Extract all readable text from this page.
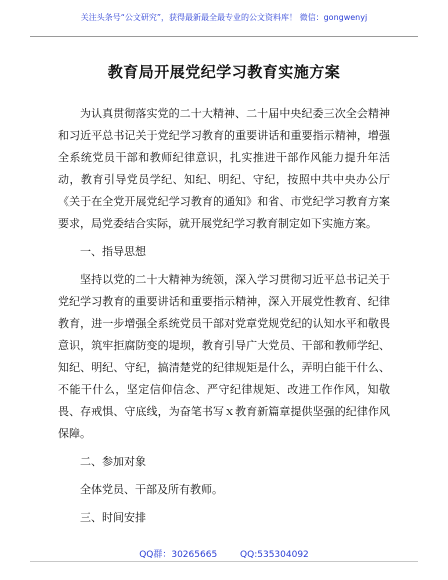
关注头条号“公文研究”，获得最新最全最专业的公文资料库！ 微信：gongwenyj
教育局开展党纪学习教育实施方案

为认真贯彻落实党的二十大精神、二十届中央纪委三次全会精神和习近平总书记关于党纪学习教育的重要讲话和重要指示精神，增强全系统党员干部和教师纪律意识，扎实推进干部作风能力提升年活动，教育引导党员学纪、知纪、明纪、守纪，按照中共中央办公厅《关于在全党开展党纪学习教育的通知》和省、市党纪学习教育方案要求，局党委结合实际，就开展党纪学习教育制定如下实施方案。

一、指导思想

坚持以党的二十大精神为统领，深入学习贯彻习近平总书记关于党纪学习教育的重要讲话和重要指示精神，深入开展党性教育、纪律教育，进一步增强全系统党员干部对党章党规党纪的认知水平和敬畏意识，筑牢拒腐防变的堤坝，教育引导广大党员、干部和教师学纪、知纪、明纪、守纪，搞清楚党的纪律规矩是什么，弄明白能干什么、不能干什么，坚定信仰信念、严守纪律规矩、改进工作作风，知敬畏、存戒惧、守底线，为奋笔书写ｘ教育新篇章提供坚强的纪律作风保障。

二、参加对象

全体党员、干部及所有教师。

三、时间安排

QQ群：30265665	QQ:535304092
